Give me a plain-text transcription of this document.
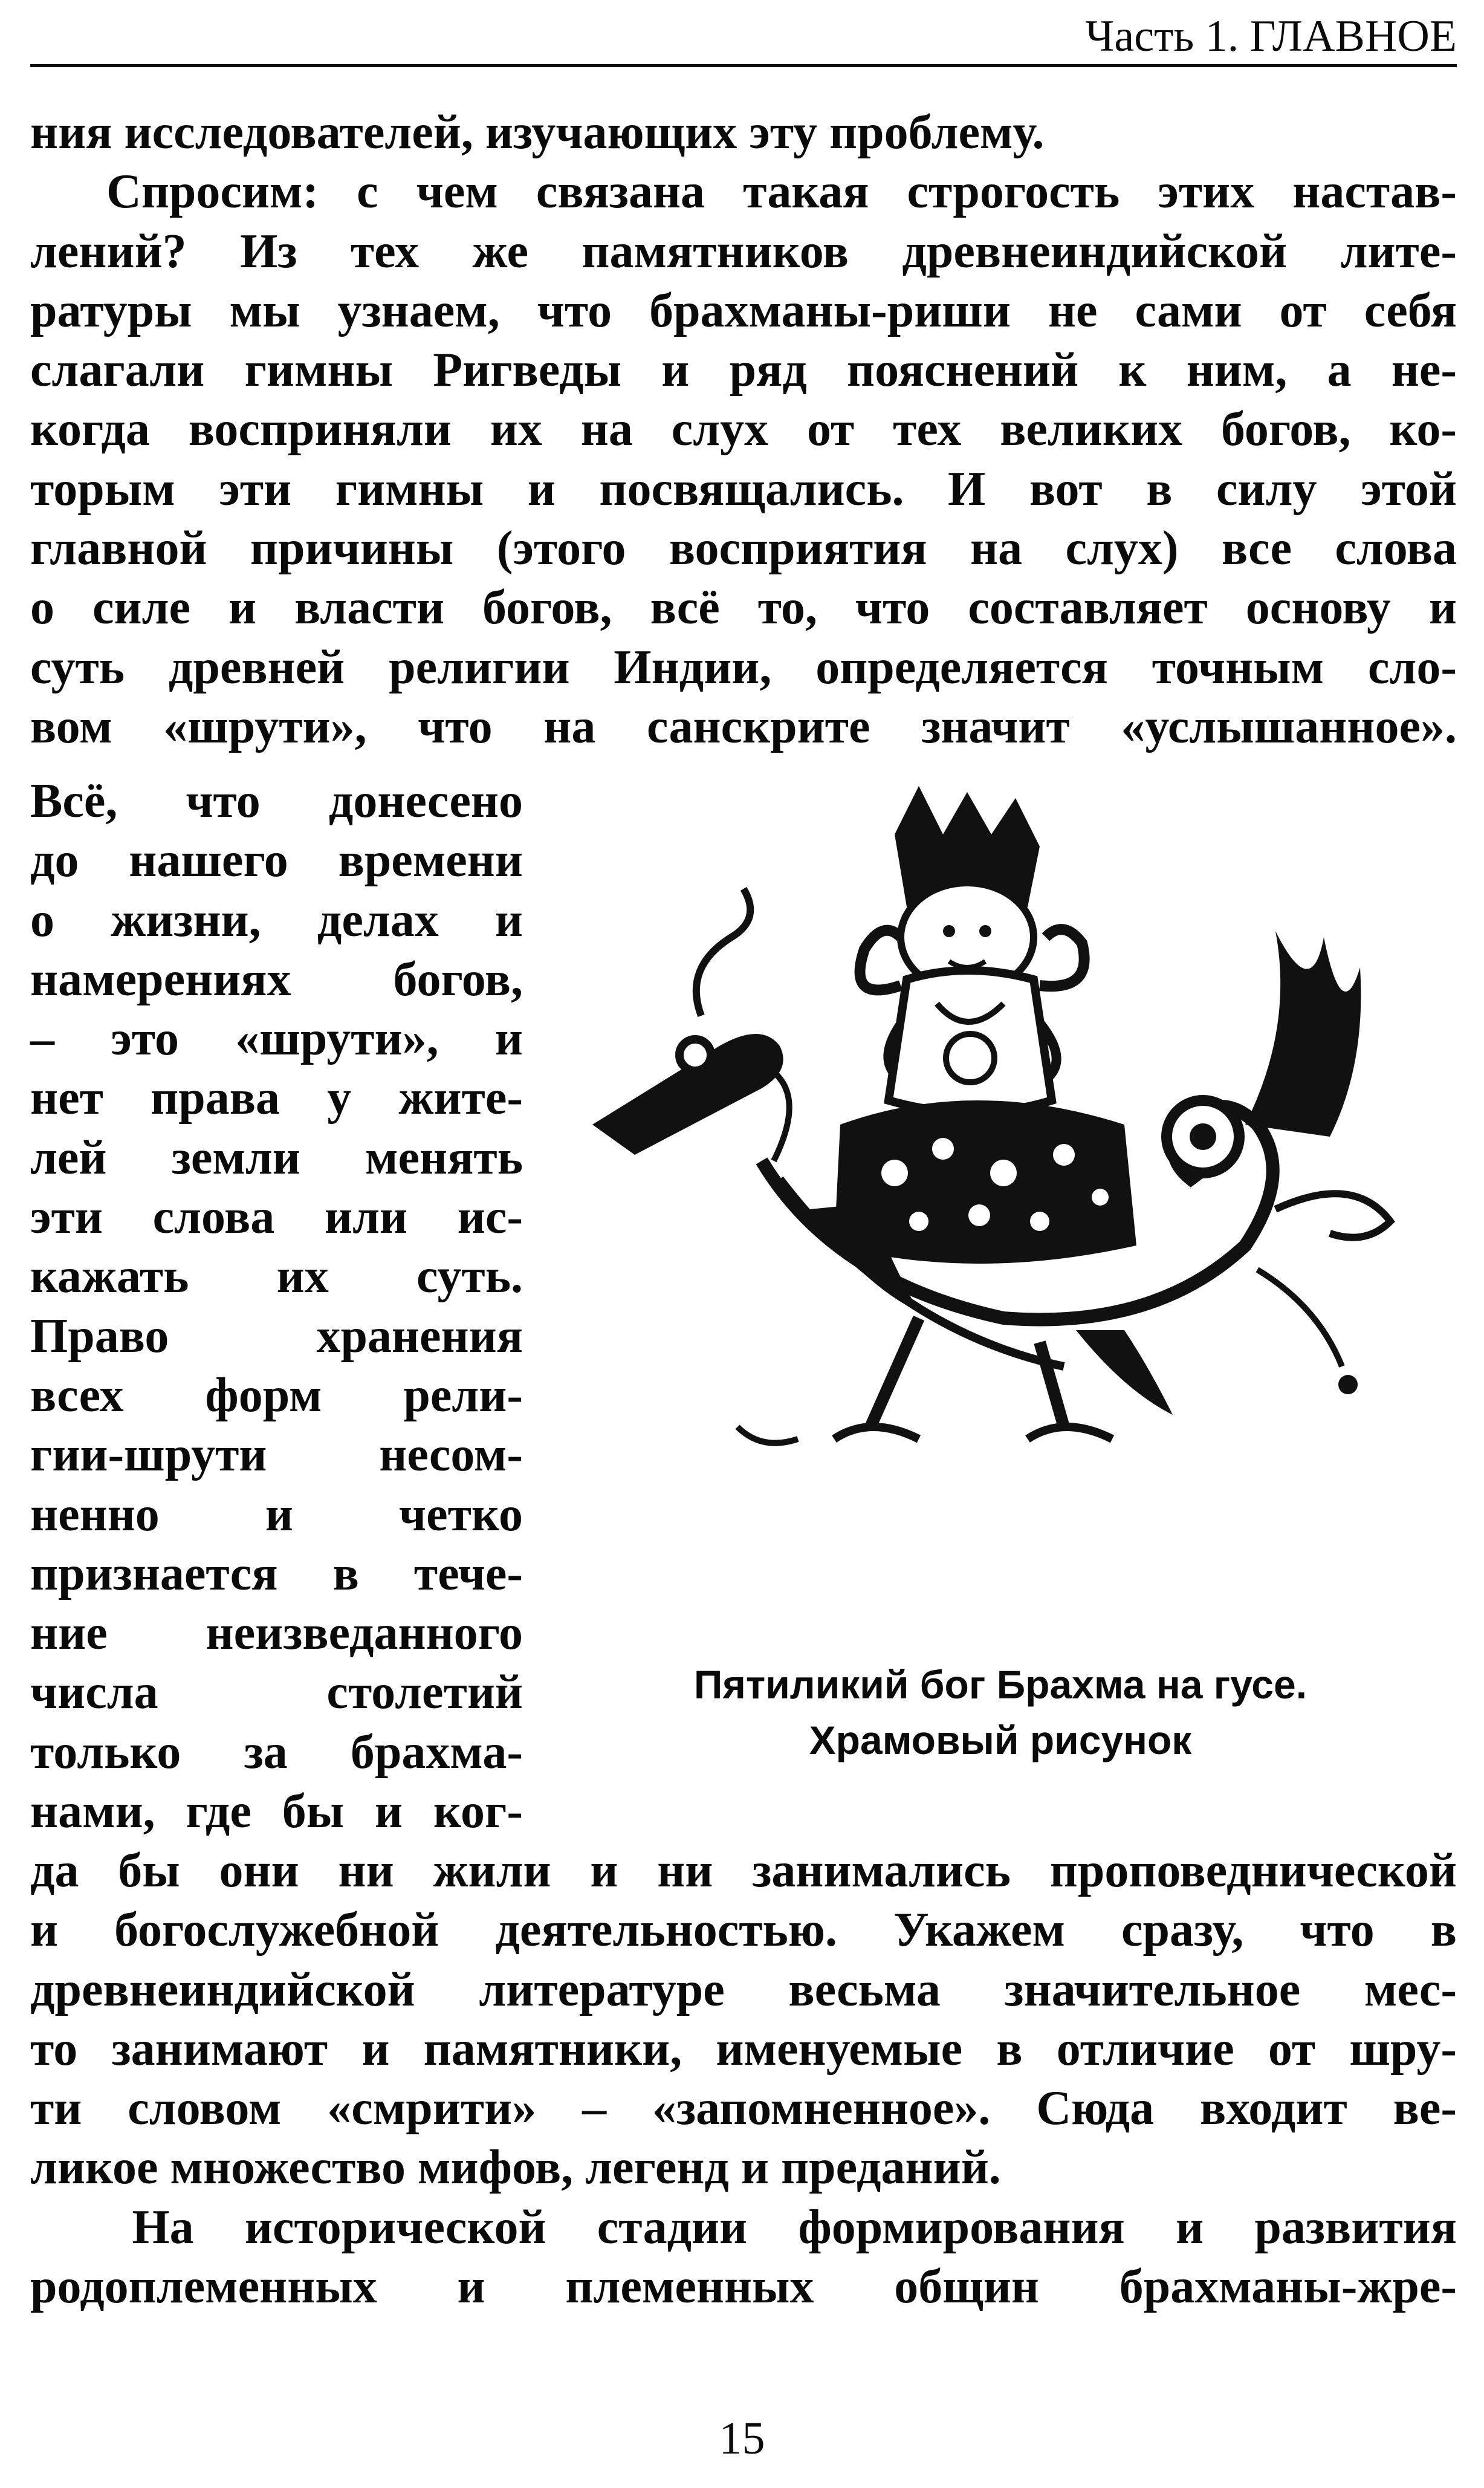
Часть 1. ГЛАВНОЕ
ния исследователей, изучающих эту проблему.
Спросим: с чем связана такая строгость этих настав-
лений? Из тех же памятников древнеиндийской лите-
ратуры мы узнаем, что брахманы-риши не сами от себя
слагали гимны Ригведы и ряд пояснений к ним, а не-
когда восприняли их на слух от тех великих богов, ко-
торым эти гимны и посвящались. И вот в силу этой
главной причины (этого восприятия на слух) все слова
о силе и власти богов, всё то, что составляет основу и
суть древней религии Индии, определяется точным сло-
вом «шрути», что на санскрите значит «услышанное».
Всё, что донесено
до нашего времени
о жизни, делах и
намерениях богов,
– это «шрути», и
нет права у жите-
лей земли менять
эти слова или ис-
кажать их суть.
Право хранения
всех форм рели-
гии-шрути несом-
ненно и четко
признается в тече-
ние неизведанного
числа столетий
только за брахма-
нами, где бы и ког-
Пятиликий бог Брахма на гусе.
Храмовый рисунок
да бы они ни жили и ни занимались проповеднической
и богослужебной деятельностью. Укажем сразу, что в
древнеиндийской литературе весьма значительное мес-
то занимают и памятники, именуемые в отличие от шру-
ти словом «смрити» – «запомненное». Сюда входит ве-
ликое множество мифов, легенд и преданий.
На исторической стадии формирования и развития
родоплеменных и племенных общин брахманы-жре-
15
